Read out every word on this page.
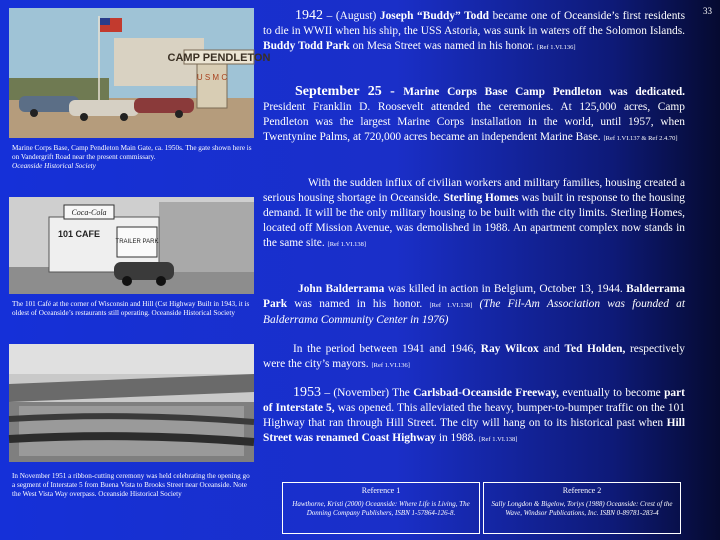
33
CAMP PENDLETON
U S M C
Marine Corps Base, Camp Pendleton Main Gate, ca. 1950s. The gate shown here is on Vandergrift Road near the present commissary.
Oceanside Historical Society
Coca-Cola
101 CAFE
TRAILER PARK
The 101 Café at the corner of Wisconsin and Hill (Cst Highway Built in 1943, it is oldest of Oceanside’s restaurants still operating. Oceanside Historical Society
In November 1951 a ribbon-cutting ceremony was held celebrating the opening go a segment of Interstate 5 from Buena Vista to Brooks Street near Oceanside. Note the West Vista Way overpass. Oceanside Historical Society

1942 – (August) Joseph “Buddy” Todd became one of Oceanside’s first residents to die in WWII when his ship, the USS Astoria, was sunk in waters off the Solomon Islands. Buddy Todd Park on Mesa Street was named in his honor. [Ref 1.VI.136]

September 25 - Marine Corps Base Camp Pendleton was dedicated. President Franklin D. Roosevelt attended the ceremonies. At 125,000 acres, Camp Pendleton was the largest Marine Corps installation in the world, until 1957, when Twentynine Palms, at 720,000 acres became an independent Marine Base. [Ref 1.VI.137 & Ref 2.4.70]

With the sudden influx of civilian workers and military families, housing created a serious housing shortage in Oceanside. Sterling Homes was built in response to the housing demand. It will be the only military housing to be built with the city limits. Sterling Homes, located off Mission Avenue, was demolished in 1988. An apartment complex now stands in the same site. [Ref 1.VI.138]

John Balderrama was killed in action in Belgium, October 13, 1944. Balderrama Park was named in his honor. [Ref 1.VI.138] (The Fil-Am Association was founded at Balderrama Community Center in 1976)

In the period between 1941 and 1946, Ray Wilcox and Ted Holden, respectively were the city’s mayors. [Ref 1.VI.136]

1953 – (November) The Carlsbad-Oceanside Freeway, eventually to become part of Interstate 5, was opened. This alleviated the heavy, bumper-to-bumper traffic on the 101 Highway that ran through Hill Street. The city will hang on to its historical past when Hill Street was renamed Coast Highway in 1988. [Ref 1.VI.138]

Reference 1
Hawthorne, Kristi (2000) Oceanside: Where Life is Living, The Donning Company Publishers, ISBN 1-57864-126-8.
Reference 2
Sally Longdon & Bigelow, Toriys (1988) Oceanside: Crest of the Wave, Windsor Publications, Inc. ISBN 0-89781-283-4
